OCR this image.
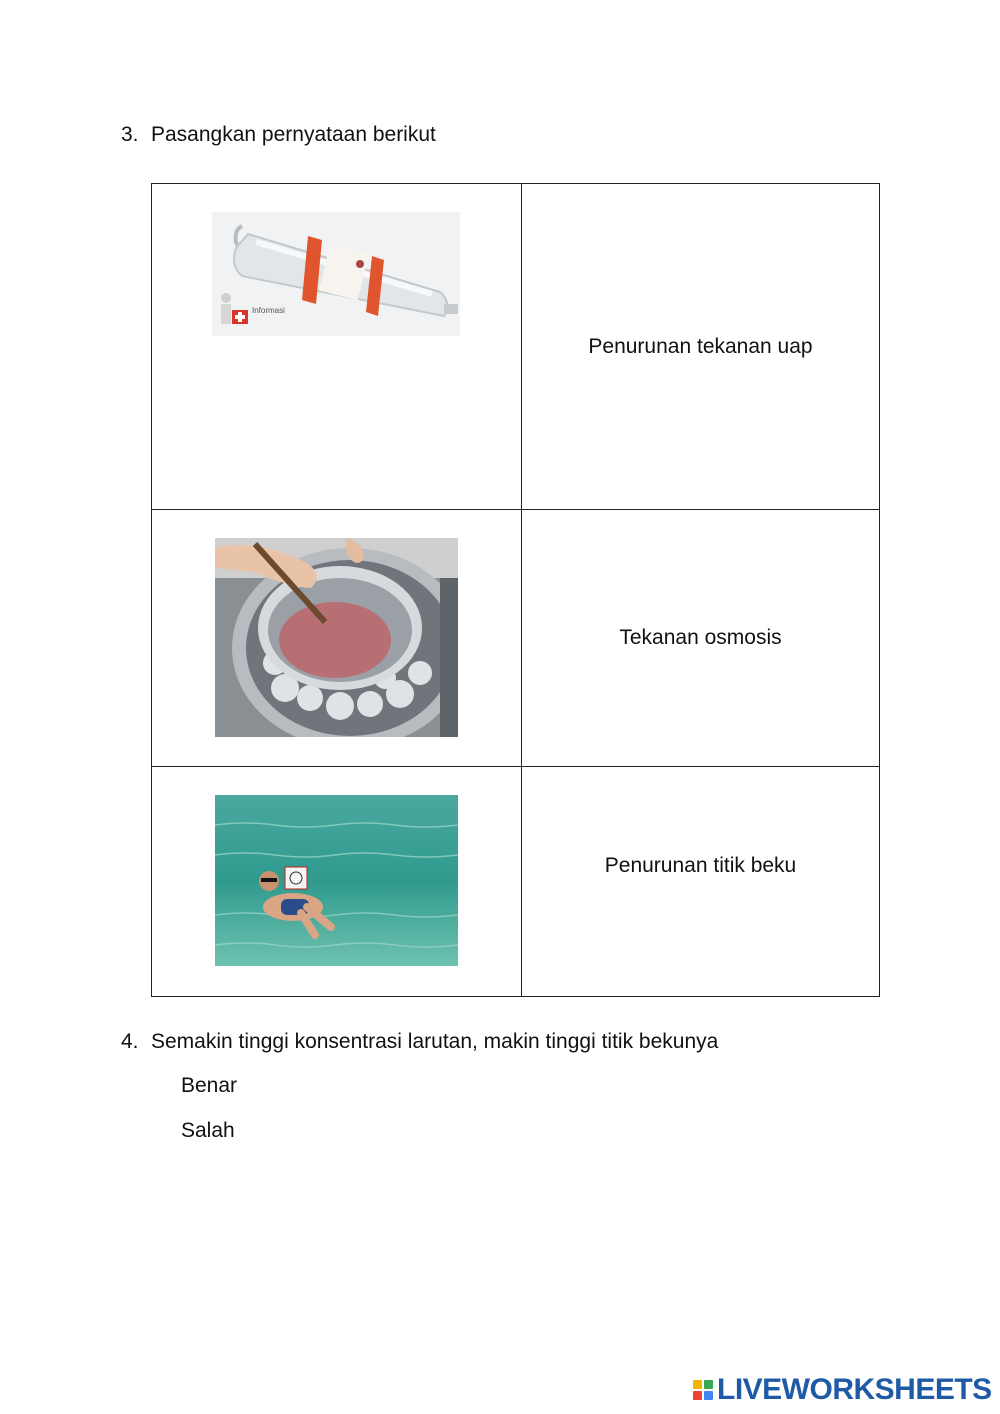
3. Pasangkan pernyataan berikut
Informasi	Penurunan tekanan uap

Tekanan osmosis

Penurunan titik beku
4. Semakin tinggi konsentrasi larutan, makin tinggi titik bekunya
Benar
Salah
LIVEWORKSHEETS
